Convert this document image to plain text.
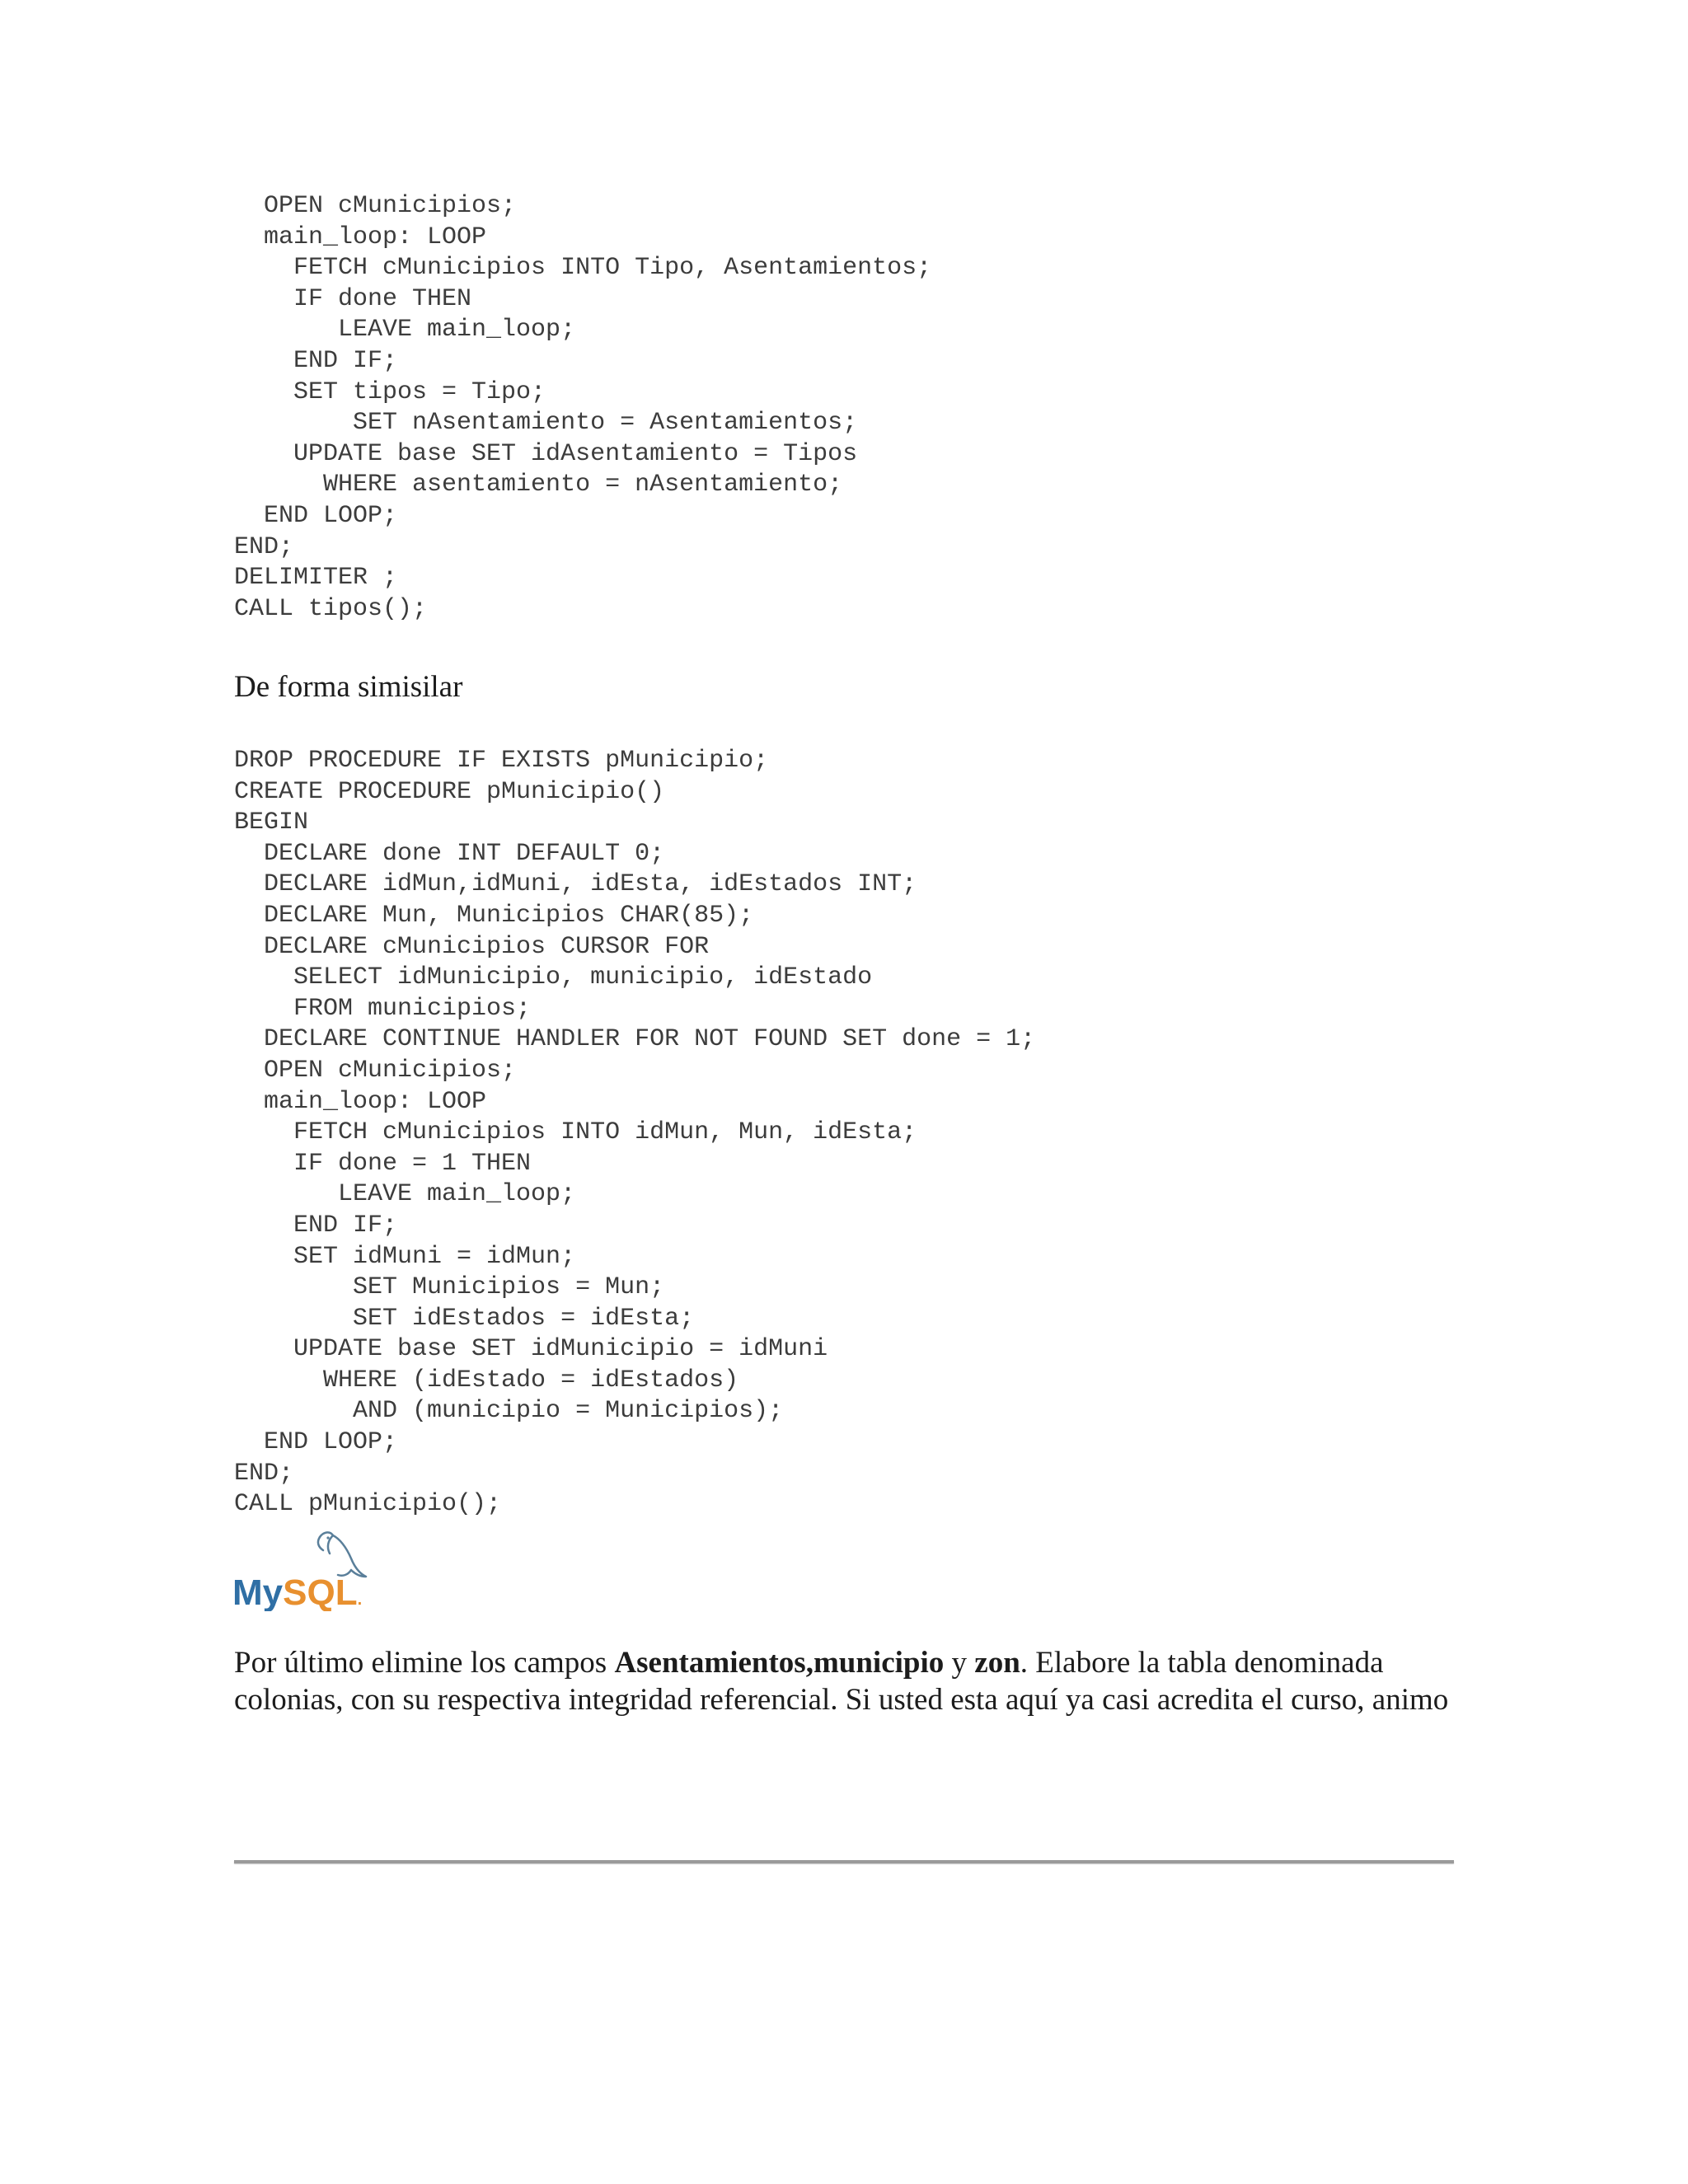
OPEN cMunicipios;
main_loop: LOOP
FETCH cMunicipios INTO Tipo, Asentamientos;
IF done THEN
LEAVE main_loop;
END IF;
SET tipos = Tipo;
SET nAsentamiento = Asentamientos;
UPDATE base SET idAsentamiento = Tipos
WHERE asentamiento = nAsentamiento;
END LOOP;
END;
DELIMITER ;
CALL tipos();

De forma simisilar

DROP PROCEDURE IF EXISTS pMunicipio;
CREATE PROCEDURE pMunicipio()
BEGIN
DECLARE done INT DEFAULT 0;
DECLARE idMun,idMuni, idEsta, idEstados INT;
DECLARE Mun, Municipios CHAR(85);
DECLARE cMunicipios CURSOR FOR
SELECT idMunicipio, municipio, idEstado
FROM municipios;
DECLARE CONTINUE HANDLER FOR NOT FOUND SET done = 1;
OPEN cMunicipios;
main_loop: LOOP
FETCH cMunicipios INTO idMun, Mun, idEsta;
IF done = 1 THEN
LEAVE main_loop;
END IF;
SET idMuni = idMun;
SET Municipios = Mun;
SET idEstados = idEsta;
UPDATE base SET idMunicipio = idMuni
WHERE (idEstado = idEstados)
AND (municipio = Municipios);
END LOOP;
END;
CALL pMunicipio();
MySQL.

Por último elimine los campos Asentamientos,municipio y zon. Elabore la tabla denominada colonias, con su respectiva integridad referencial. Si usted esta aquí ya casi acredita el curso, animo
